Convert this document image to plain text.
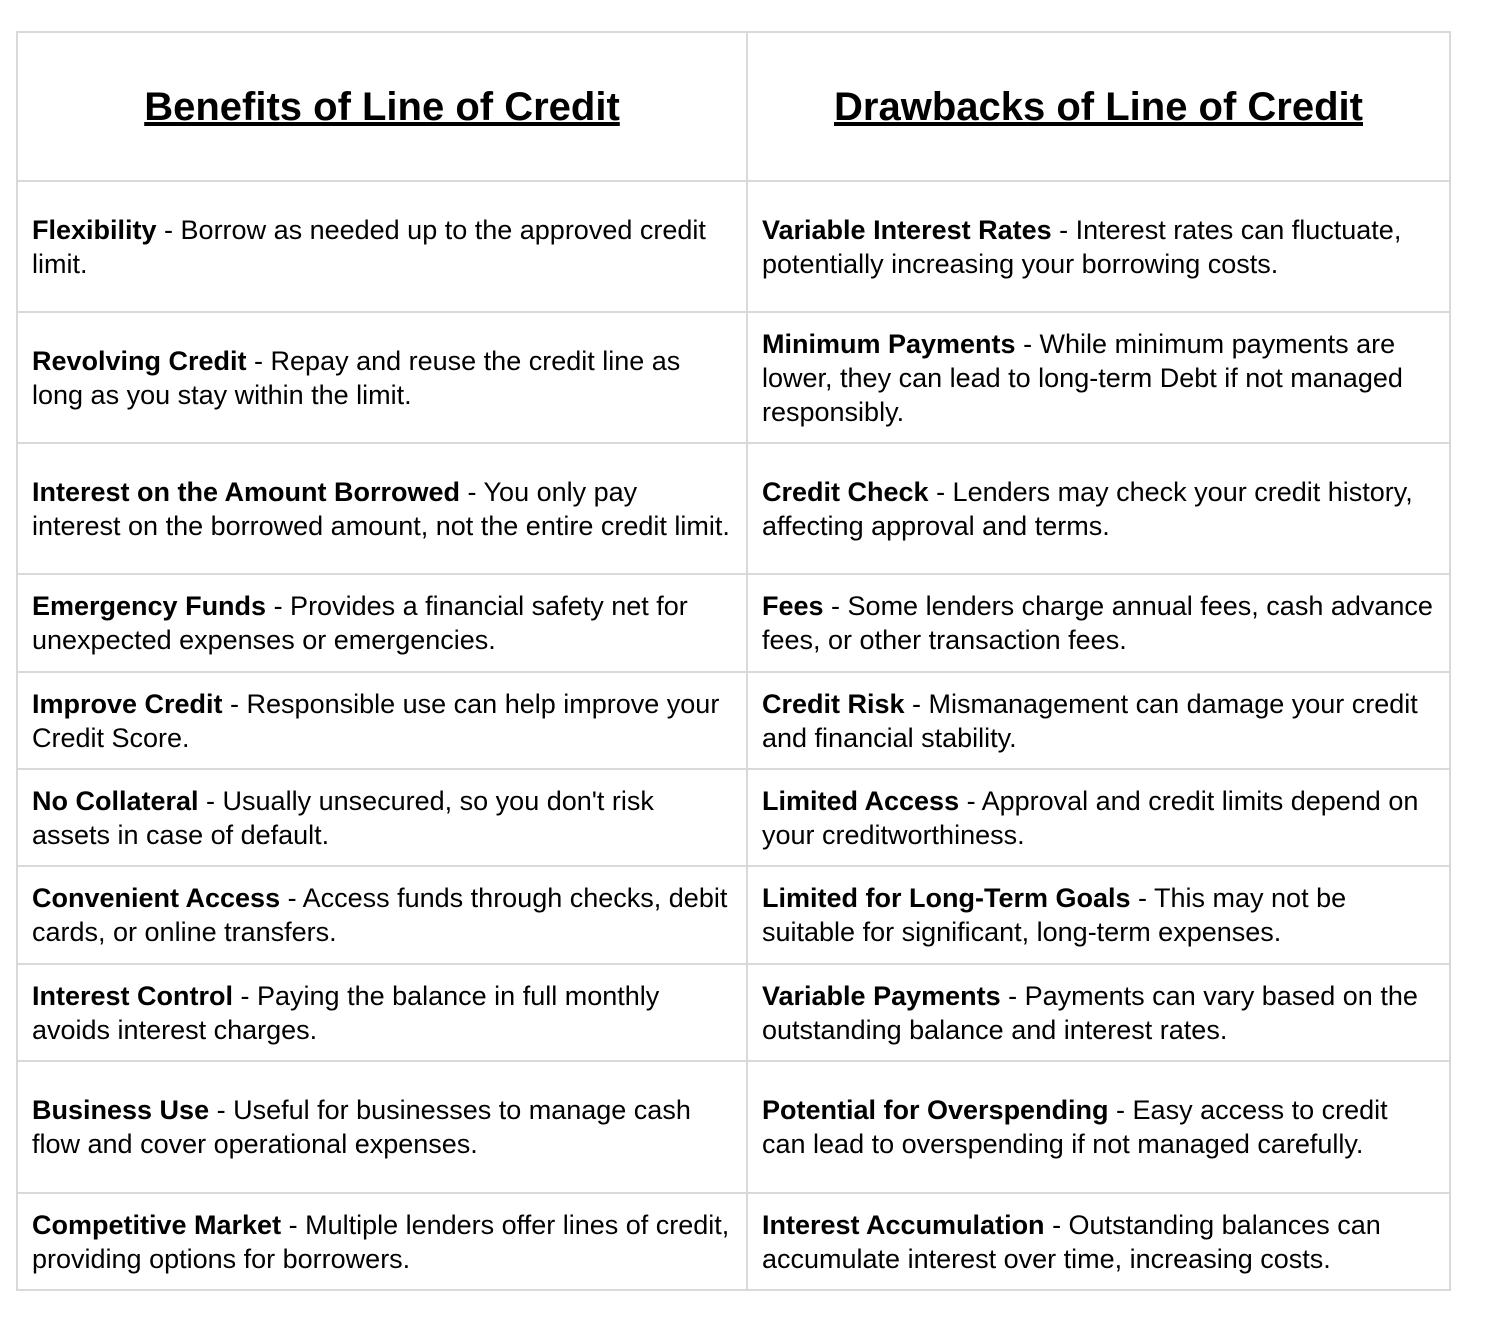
Benefits of Line of Credit	Drawbacks of Line of Credit
Flexibility - Borrow as needed up to the approved credit limit.	Variable Interest Rates - Interest rates can fluctuate, potentially increasing your borrowing costs.
Revolving Credit - Repay and reuse the credit line as long as you stay within the limit.	Minimum Payments - While minimum payments are lower, they can lead to long-term Debt if not managed responsibly.
Interest on the Amount Borrowed - You only pay interest on the borrowed amount, not the entire credit limit.	Credit Check - Lenders may check your credit history, affecting approval and terms.
Emergency Funds - Provides a financial safety net for unexpected expenses or emergencies.	Fees - Some lenders charge annual fees, cash advance fees, or other transaction fees.
Improve Credit - Responsible use can help improve your Credit Score.	Credit Risk - Mismanagement can damage your credit and financial stability.
No Collateral - Usually unsecured, so you don't risk assets in case of default.	Limited Access - Approval and credit limits depend on your creditworthiness.
Convenient Access - Access funds through checks, debit cards, or online transfers.	Limited for Long-Term Goals - This may not be suitable for significant, long-term expenses.
Interest Control - Paying the balance in full monthly avoids interest charges.	Variable Payments - Payments can vary based on the outstanding balance and interest rates.
Business Use - Useful for businesses to manage cash flow and cover operational expenses.	Potential for Overspending - Easy access to credit can lead to overspending if not managed carefully.
Competitive Market - Multiple lenders offer lines of credit, providing options for borrowers.	Interest Accumulation - Outstanding balances can accumulate interest over time, increasing costs.
